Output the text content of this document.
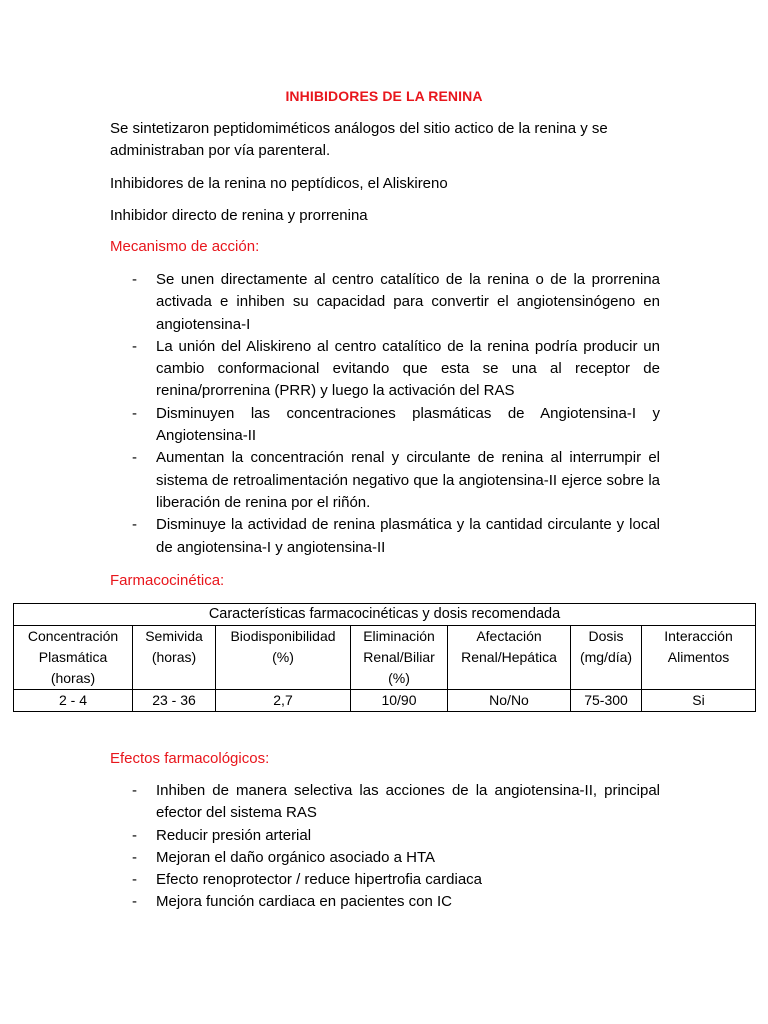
INHIBIDORES DE LA RENINA
Se sintetizaron peptidomiméticos análogos del sitio actico de la renina y se administraban por vía parenteral.
Inhibidores de la renina no peptídicos, el Aliskireno
Inhibidor directo de renina y prorrenina
Mecanismo de acción:
- Se unen directamente al centro catalítico de la renina o de la prorrenina activada e inhiben su capacidad para convertir el angiotensinógeno en angiotensina-I
- La unión del Aliskireno al centro catalítico de la renina podría producir un cambio conformacional evitando que esta se una al receptor de renina/prorrenina (PRR) y luego la activación del RAS
- Disminuyen las concentraciones plasmáticas de Angiotensina-I y Angiotensina-II
- Aumentan la concentración renal y circulante de renina al interrumpir el sistema de retroalimentación negativo que la angiotensina-II ejerce sobre la liberación de renina por el riñón.
- Disminuye la actividad de renina plasmática y la cantidad circulante y local de angiotensina-I y angiotensina-II
Farmacocinética:
Características farmacocinéticas y dosis recomendada						
Concentración Plasmática (horas)	Semivida (horas)	Biodisponibilidad (%)	Eliminación Renal/Biliar (%)	Afectación Renal/Hepática	Dosis (mg/día)	Interacción Alimentos
2 - 4	23 - 36	2,7	10/90	No/No	75-300	Si
Efectos farmacológicos:
- Inhiben de manera selectiva las acciones de la angiotensina-II, principal efector del sistema RAS
- Reducir presión arterial
- Mejoran el daño orgánico asociado a HTA
- Efecto renoprotector / reduce hipertrofia cardiaca
- Mejora función cardiaca en pacientes con IC
